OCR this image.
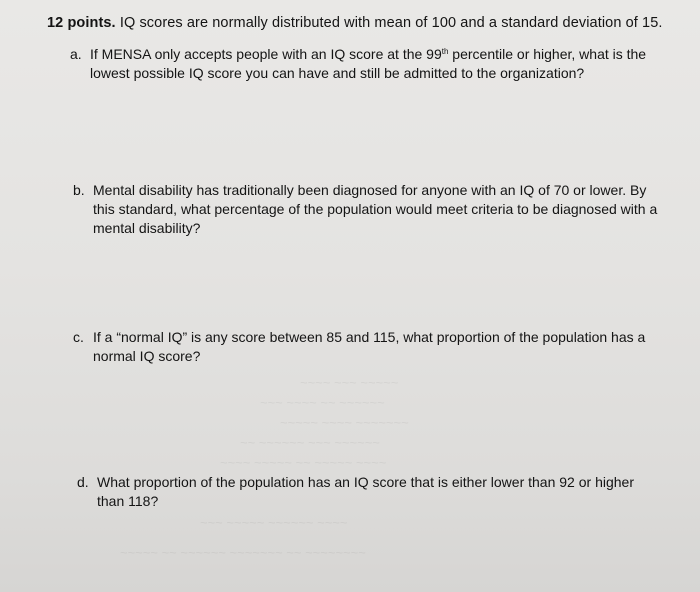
12 points. IQ scores are normally distributed with mean of 100 and a standard deviation of 15.
a. If MENSA only accepts people with an IQ score at the 99th percentile or higher, what is the
lowest possible IQ score you can have and still be admitted to the organization?
b. Mental disability has traditionally been diagnosed for anyone with an IQ of 70 or lower. By
this standard, what percentage of the population would meet criteria to be diagnosed with a
mental disability?
c. If a “normal IQ” is any score between 85 and 115, what proportion of the population has a
normal IQ score?
d. What proportion of the population has an IQ score that is either lower than 92 or higher
than 118?
~~~~ ~~~ ~~~~~
~~~ ~~~~ ~~ ~~~~~~
~~~~~ ~~~~ ~~~~~~~
~~ ~~~~~~ ~~~ ~~~~~~
~~~~ ~~~~~ ~~ ~~~~~ ~~~~
~~~ ~~~~~ ~~~~~~ ~~~~
~~~~~ ~~ ~~~~~~ ~~~~~~~ ~~ ~~~~~~~~
